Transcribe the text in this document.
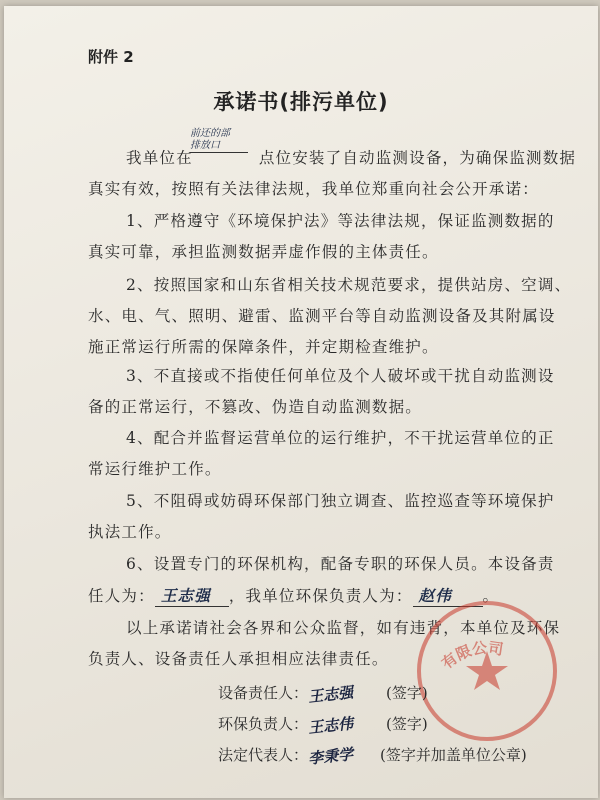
附件 2
承诺书(排污单位)
前还的部
排放口
我单位在	点位安装了自动监测设备，为确保监测数据
真实有效，按照有关法律法规，我单位郑重向社会公开承诺：
1、严格遵守《环境保护法》等法律法规，保证监测数据的
真实可靠，承担监测数据弄虚作假的主体责任。
2、按照国家和山东省相关技术规范要求，提供站房、空调、
水、电、气、照明、避雷、监测平台等自动监测设备及其附属设
施正常运行所需的保障条件，并定期检查维护。
3、不直接或不指使任何单位及个人破坏或干扰自动监测设
备的正常运行，不篡改、伪造自动监测数据。
4、配合并监督运营单位的运行维护，不干扰运营单位的正
常运行维护工作。
5、不阻碍或妨碍环保部门独立调查、监控巡查等环境保护
执法工作。
6、设置专门的环保机构，配备专职的环保人员。本设备责
任人为： 王志强 ，我单位环保负责人为： 赵伟 。
以上承诺请社会各界和公众监督，如有违背，本单位及环保
负责人、设备责任人承担相应法律责任。	有限公司
设备责任人：王志强 (签字)
环保负责人：王志伟 (签字)
法定代表人：李秉学 (签字并加盖单位公章)
